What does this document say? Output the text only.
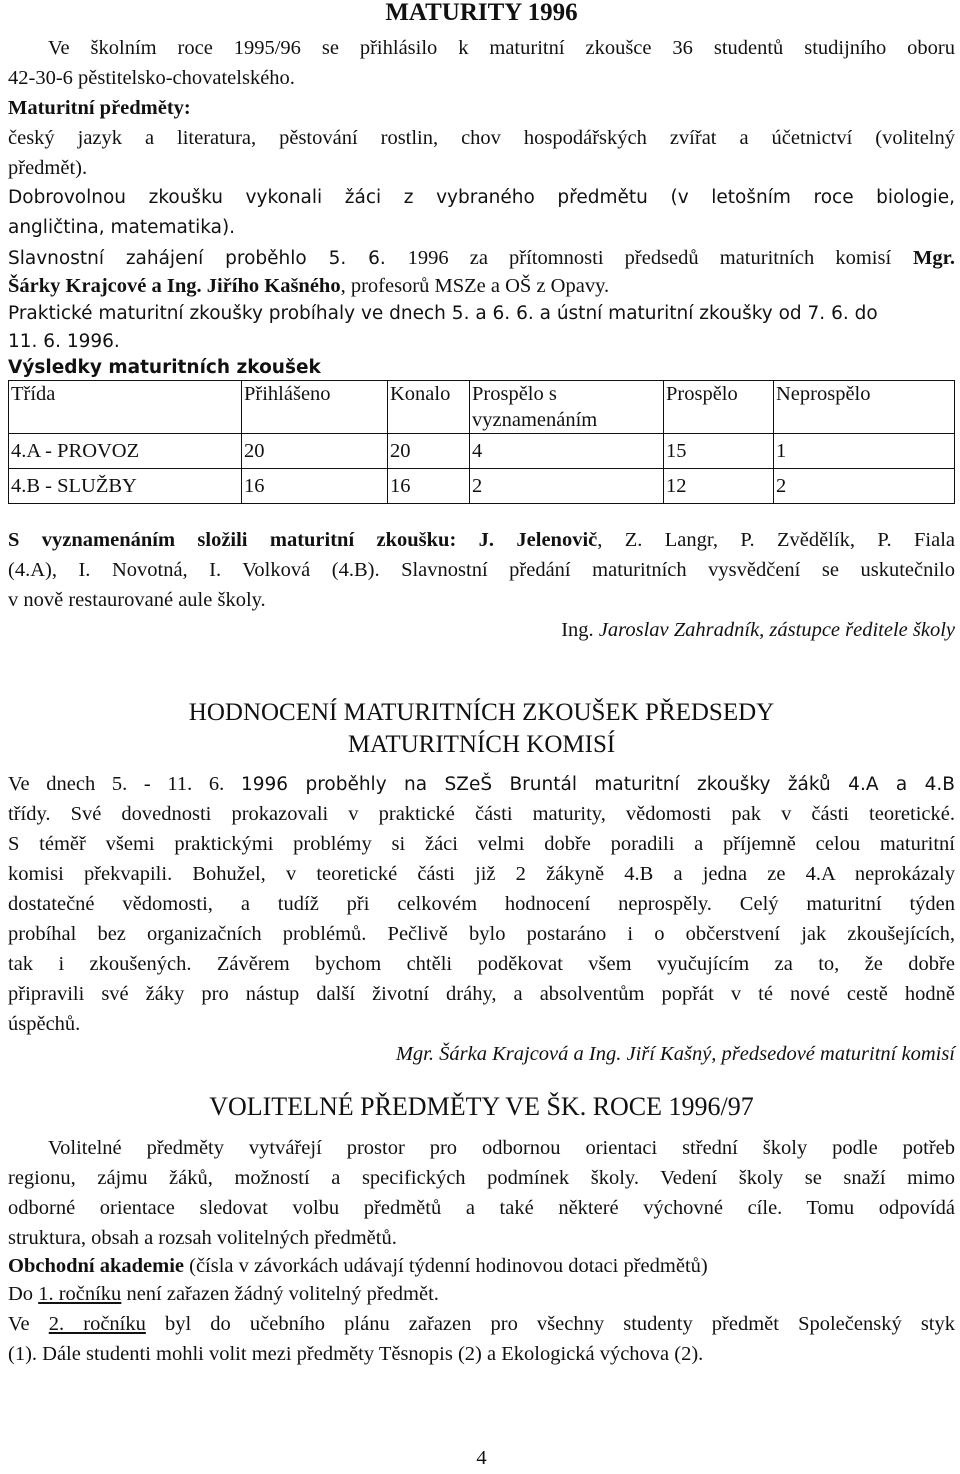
MATURITY 1996
Ve školním roce 1995/96 se přihlásilo k maturitní zkoušce 36 studentů studijního oboru
42-30-6 pěstitelsko-chovatelského.
Maturitní předměty:
český jazyk a literatura, pěstování rostlin, chov hospodářských zvířat a účetnictví (volitelný
předmět).
Dobrovolnou zkoušku vykonali žáci z vybraného předmětu (v letošním roce biologie,
angličtina, matematika).
Slavnostní zahájení proběhlo 5. 6. 1996 za přítomnosti předsedů maturitních komisí Mgr.
Šárky Krajcové a Ing. Jiřího Kašného, profesorů MSZe a OŠ z Opavy.
Praktické maturitní zkoušky probíhaly ve dnech 5. a 6. 6. a ústní maturitní zkoušky od 7. 6. do
11. 6. 1996.
Výsledky maturitních zkoušek
Třída	Přihlášeno	Konalo	Prospělo s vyznamenáním	Prospělo	Neprospělo
4.A - PROVOZ	20	20	4	15	1
4.B - SLUŽBY	16	16	2	12	2
S vyznamenáním složili maturitní zkoušku: J. Jelenovič, Z. Langr, P. Zvědělík, P. Fiala
(4.A), I. Novotná, I. Volková (4.B). Slavnostní předání maturitních vysvědčení se uskutečnilo
v nově restaurované aule školy.
Ing. Jaroslav Zahradník, zástupce ředitele školy
HODNOCENÍ MATURITNÍCH ZKOUŠEK PŘEDSEDY
MATURITNÍCH KOMISÍ
Ve dnech 5. - 11. 6. 1996 proběhly na SZeŠ Bruntál maturitní zkoušky žáků 4.A a 4.B
třídy. Své dovednosti prokazovali v praktické části maturity, vědomosti pak v části teoretické.
S téměř všemi praktickými problémy si žáci velmi dobře poradili a příjemně celou maturitní
komisi překvapili. Bohužel, v teoretické části již 2 žákyně 4.B a jedna ze 4.A neprokázaly
dostatečné vědomosti, a tudíž při celkovém hodnocení neprospěly. Celý maturitní týden
probíhal bez organizačních problémů. Pečlivě bylo postaráno i o občerstvení jak zkoušejících,
tak i zkoušených. Závěrem bychom chtěli poděkovat všem vyučujícím za to, že dobře
připravili své žáky pro nástup další životní dráhy, a absolventům popřát v té nové cestě hodně
úspěchů.
Mgr. Šárka Krajcová a Ing. Jiří Kašný, předsedové maturitní komisí
VOLITELNÉ PŘEDMĚTY VE ŠK. ROCE 1996/97
Volitelné předměty vytvářejí prostor pro odbornou orientaci střední školy podle potřeb
regionu, zájmu žáků, možností a specifických podmínek školy. Vedení školy se snaží mimo
odborné orientace sledovat volbu předmětů a také některé výchovné cíle. Tomu odpovídá
struktura, obsah a rozsah volitelných předmětů.
Obchodní akademie (čísla v závorkách udávají týdenní hodinovou dotaci předmětů)
Do 1. ročníku není zařazen žádný volitelný předmět.
Ve 2. ročníku byl do učebního plánu zařazen pro všechny studenty předmět Společenský styk
(1). Dále studenti mohli volit mezi předměty Těsnopis (2) a Ekologická výchova (2).
4
